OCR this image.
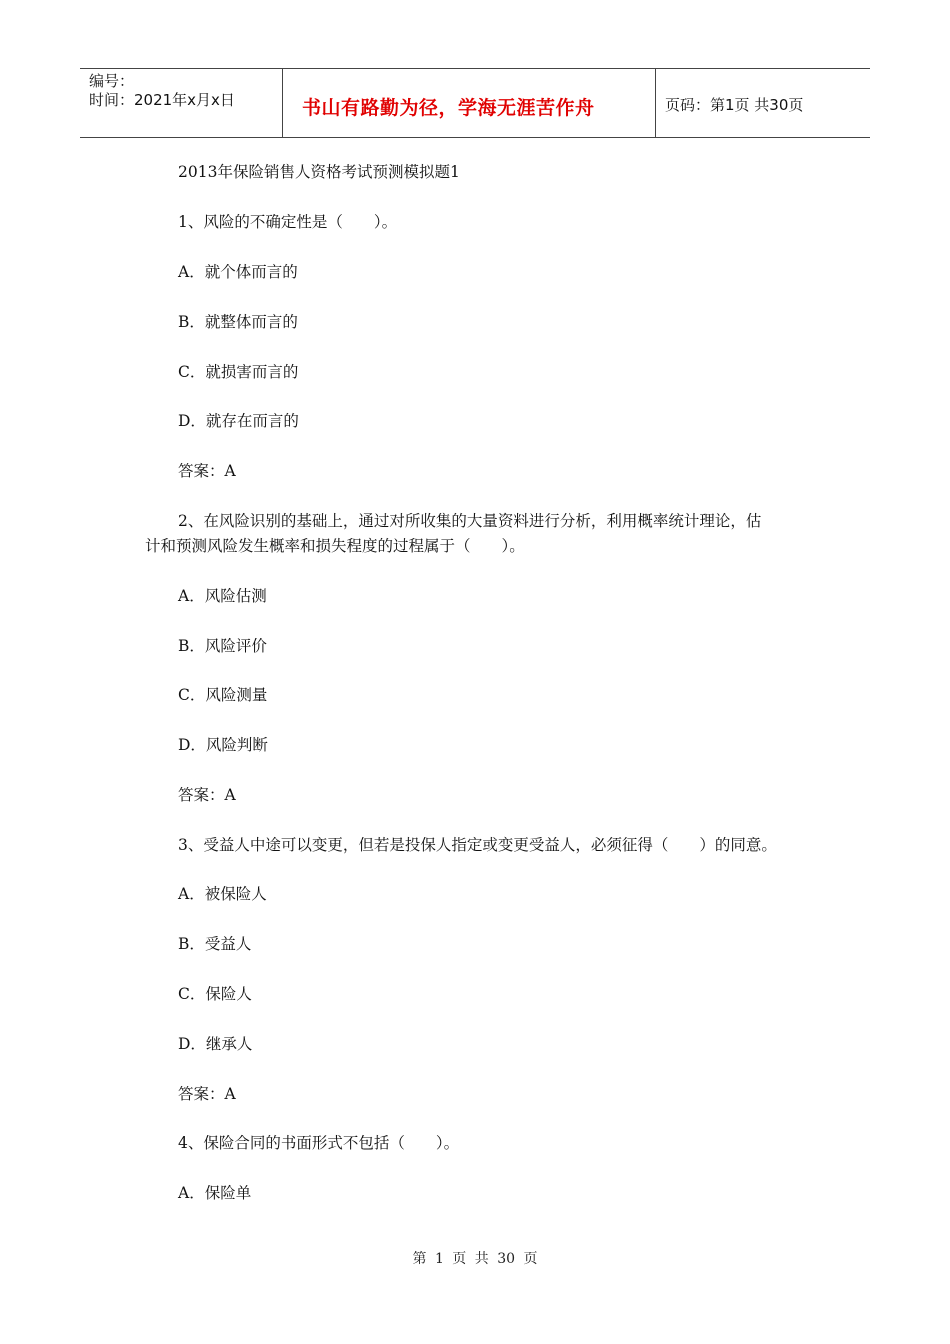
编号：
时间：2021年x月x日	书山有路勤为径，学海无涯苦作舟	页码：第1页 共30页
2013年保险销售人资格考试预测模拟题1
1、风险的不确定性是（　　）。
A．就个体而言的
B．就整体而言的
C．就损害而言的
D．就存在而言的
答案：A
2、在风险识别的基础上，通过对所收集的大量资料进行分析，利用概率统计理论，估
计和预测风险发生概率和损失程度的过程属于（　　）。
A．风险估测
B．风险评价
C．风险测量
D．风险判断
答案：A
3、受益人中途可以变更，但若是投保人指定或变更受益人，必须征得（　　）的同意。
A．被保险人
B．受益人
C．保险人
D．继承人
答案：A
4、保险合同的书面形式不包括（　　）。
A．保险单
第 1 页 共 30 页
